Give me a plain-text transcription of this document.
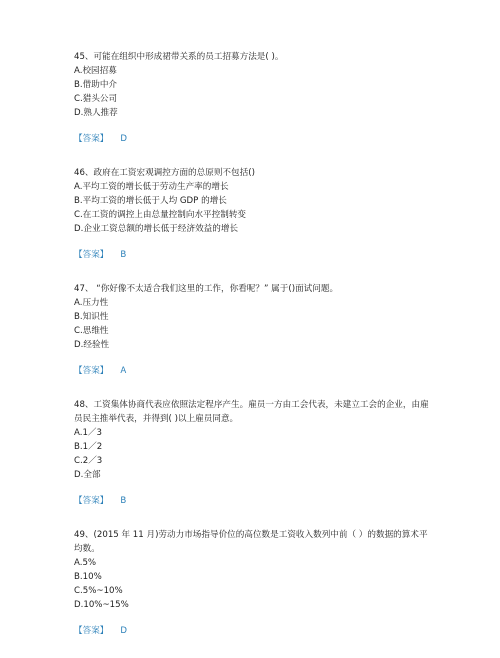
45、可能在组织中形成裙带关系的员工招募方法是( )。

A.校园招募

B.借助中介

C.猎头公司

D.熟人推荐

【答案】 D

46、政府在工资宏观调控方面的总原则不包括()

A.平均工资的增长低于劳动生产率的增长

B.平均工资的增长低于人均 GDP 的增长

C.在工资的调控上由总量控制向水平控制转变

D.企业工资总额的增长低于经济效益的增长

【答案】 B

47、 “你好像不太适合我们这里的工作，你看呢？” 属于()面试问题。

A.压力性

B.知识性

C.思维性

D.经验性

【答案】 A

48、工资集体协商代表应依照法定程序产生。雇员一方由工会代表，未建立工会的企业，由雇员民主推举代表，并得到( )以上雇员同意。

A.1／3

B.1／2

C.2／3

D.全部

【答案】 B

49、(2015 年 11 月)劳动力市场指导价位的高位数是工资收入数列中前（ ）的数据的算术平均数。

A.5%

B.10%

C.5%~10%

D.10%~15%

【答案】 D
